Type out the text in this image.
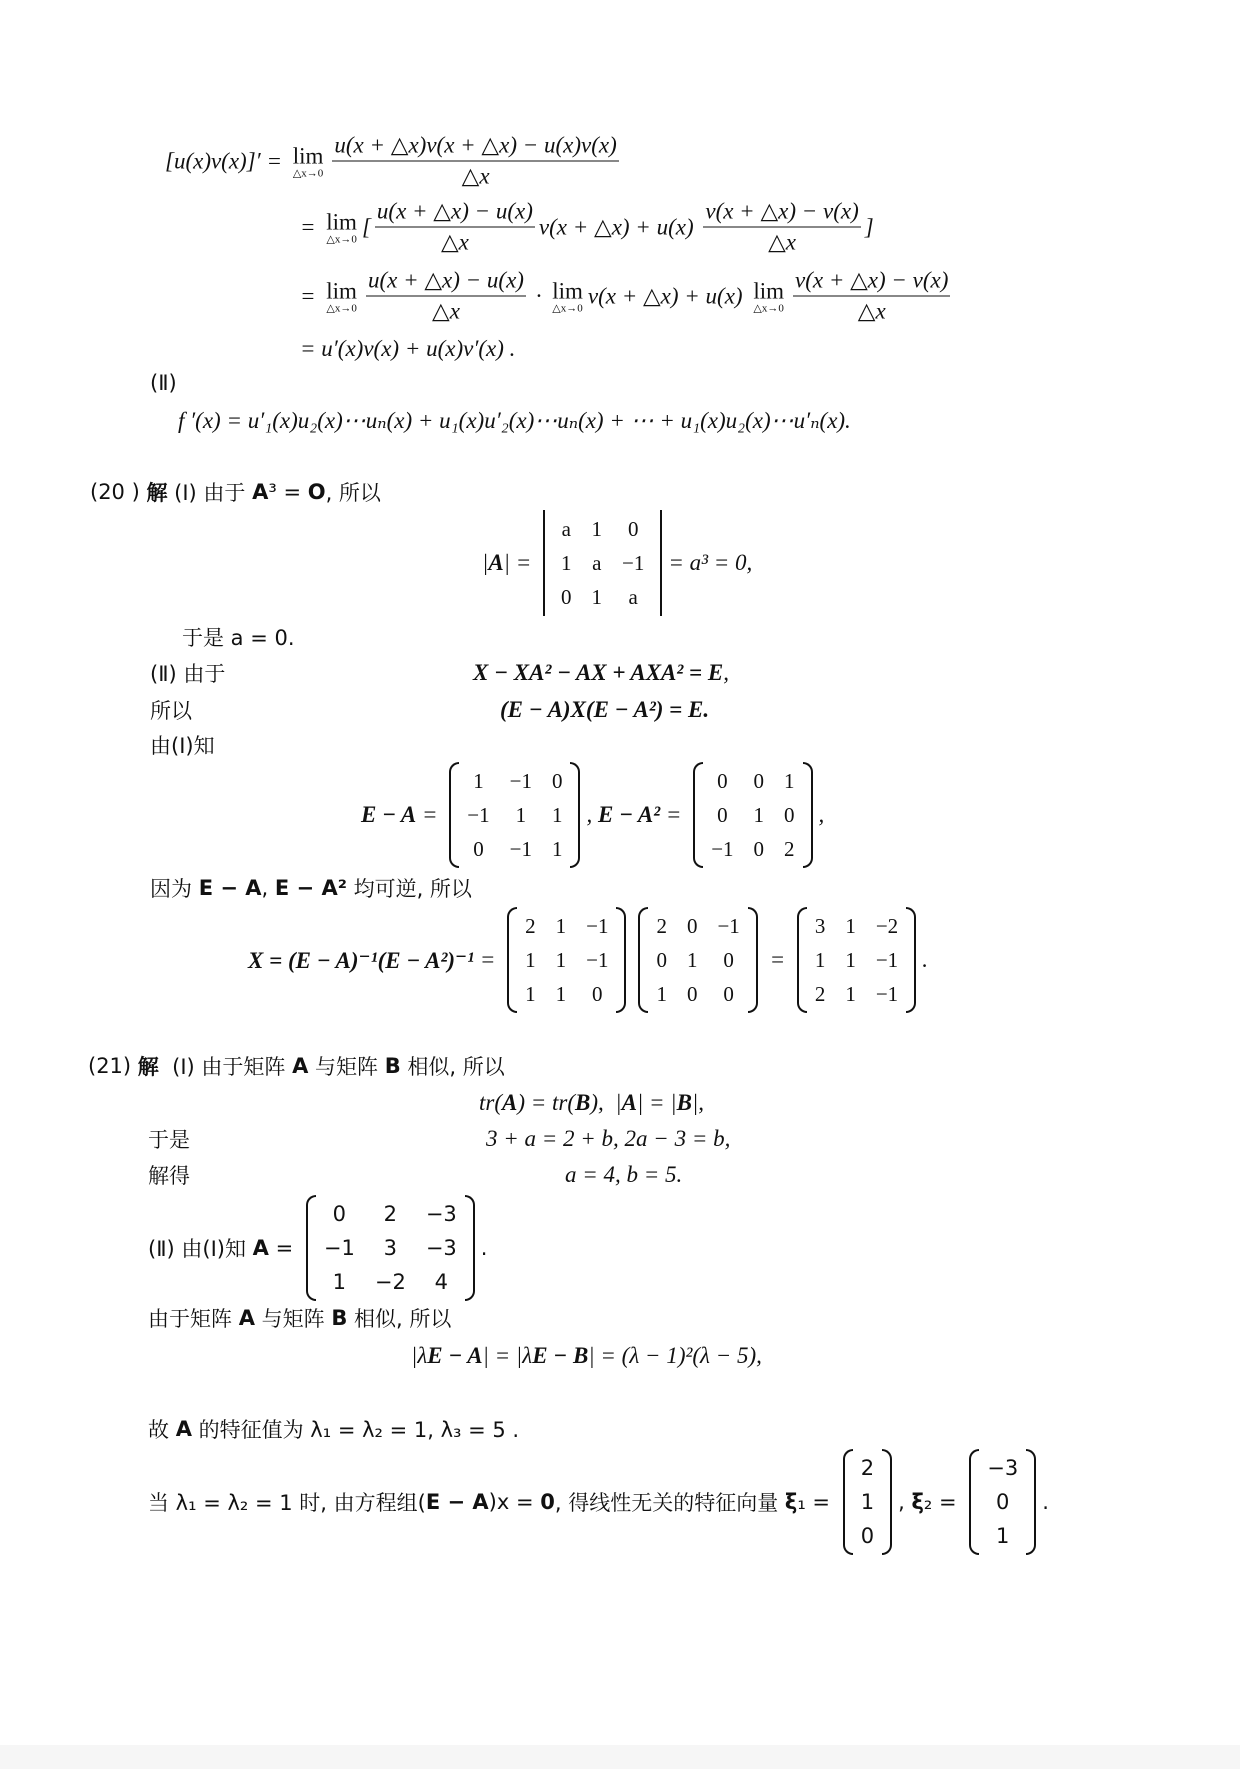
[u(x)v(x)]′ = lim
△x→0 $\frac{u(x + \triangle x)v(x + \triangle x) - u(x)v(x)}{\triangle x}$
= lim
△x→0 [ $\frac{u(x + \triangle x) - u(x)}{\triangle x} v(x$ + △x) + $u(x) \frac{v(x + \triangle x) - v(x)}{\triangle x}$ ]
= lim
△x→0 $\frac{u(x + \triangle x) - u(x)}{\triangle x} \cdot \lim$
△x→0 v(x + △x) + u(x) lim
△x→0 $\frac{v(x + \triangle x) - v(x)}{\triangle x}$
= u′(x)v(x) + u(x)v′(x) .
(Ⅱ)
f ′(x) = u′₁(x)u₂(x)⋯uₙ(x) + u₁(x)u′₂(x)⋯uₙ(x) + ⋯ + u₁(x)u₂(x)⋯u′ₙ(x).
(20 ) 解 (Ⅰ) 由于 A ³ = O , 所以
| A | =
a	1	0
1	a	−1
0	1	a
= a³ = 0,
于是 a = 0.
(Ⅱ) 由于	X − XA² − AX + AXA² = E ,
所以	(E − A)X(E − A²) = E.
由(Ⅰ)知
E − A =
1	−1	0
−1	1	1
0	−1	1
, E − A² =
0	0	1
0	1	0
−1	0	2
,
因为 E − A , E − A² 均可逆, 所以
X = (E − A)⁻¹(E − A²)⁻¹ =
2	1	−1
1	1	−1
1	1	0
2	0	−1
0	1	0
1	0	0
=
3	1	−2
1	1	−1
2	1	−1
.
(21) 解 (Ⅰ) 由于矩阵 A 与矩阵 B 相似, 所以
tr( A ) = tr( B ),  | A | = | B |,
于是	3 + a = 2 + b, 2a − 3 = b,
解得	a = 4, b = 5.
(Ⅱ) 由(Ⅰ)知 A =
0	2	−3
−1	3	−3
1	−2	4
.
由于矩阵 A 与矩阵 B 相似, 所以
|λ E − A | = |λ E − B | = (λ − 1)²(λ − 5),
故 A 的特征值为 λ₁ = λ₂ = 1, λ₃ = 5 .
当 λ₁ = λ₂ = 1 时, 由方程组( E − A )x = 0 , 得线性无关的特征向量 ξ ₁ =
2
1
0
, ξ ₂ =
−3
0
1
.
